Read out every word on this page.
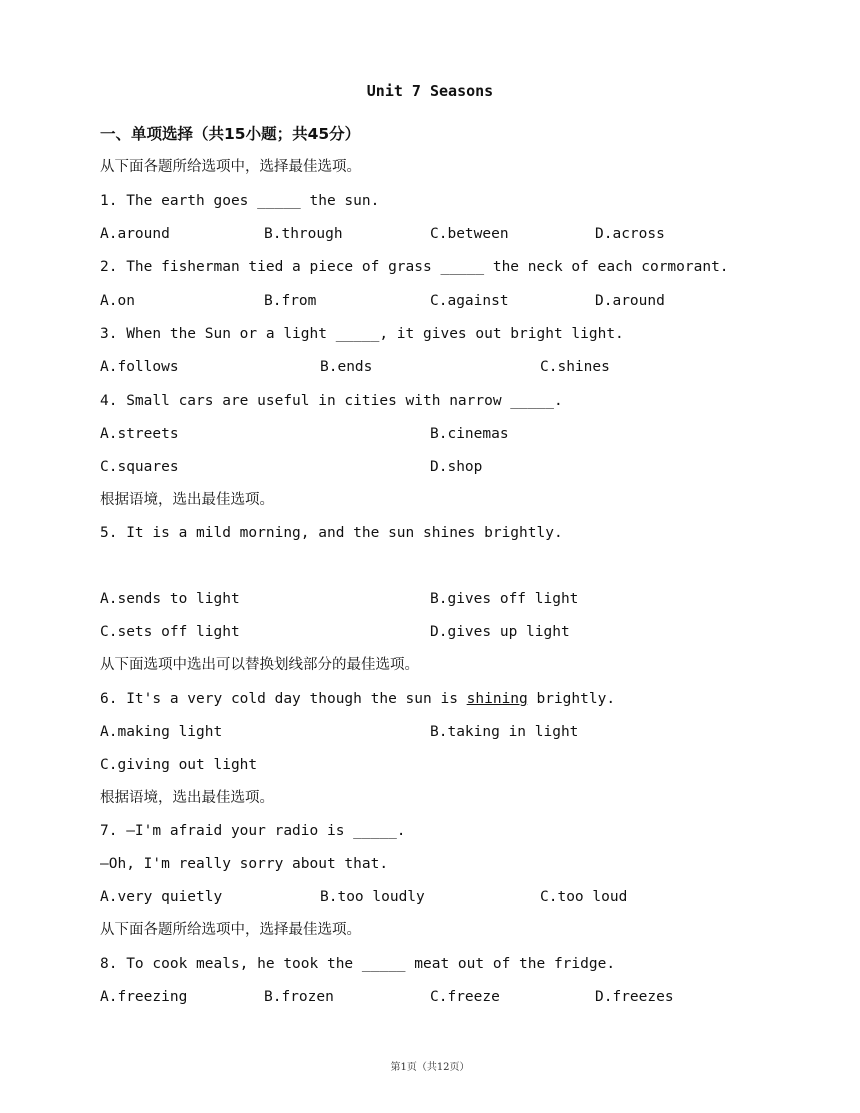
Unit 7 Seasons
一、单项选择（共15小题；共45分）
从下面各题所给选项中，选择最佳选项。
1. The earth goes _____ the sun.
A.around	B.through	C.between	D.across
2. The fisherman tied a piece of grass _____ the neck of each cormorant.
A.on	B.from	C.against	D.around
3. When the Sun or a light _____, it gives out bright light.
A.follows	B.ends	C.shines
4. Small cars are useful in cities with narrow _____.
A.streets	B.cinemas
C.squares	D.shop
根据语境，选出最佳选项。
5. It is a mild morning, and the sun shines brightly.
A.sends to light	B.gives off light
C.sets off light	D.gives up light
从下面选项中选出可以替换划线部分的最佳选项。
6. It's a very cold day though the sun is shining brightly.
A.making light	B.taking in light
C.giving out light
根据语境，选出最佳选项。
7. —I'm afraid your radio is _____.
—Oh, I'm really sorry about that.
A.very quietly	B.too loudly	C.too loud
从下面各题所给选项中，选择最佳选项。
8. To cook meals, he took the _____ meat out of the fridge.
A.freezing	B.frozen	C.freeze	D.freezes
第1页（共12页）
